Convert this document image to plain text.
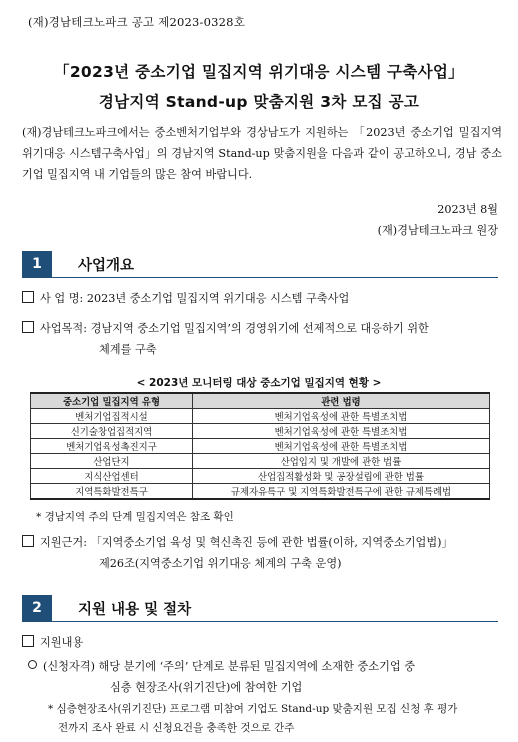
(재)경남테크노파크 공고 제2023-0328호
「2023년 중소기업 밀집지역 위기대응 시스템 구축사업」
경남지역 Stand-up 맞춤지원 3차 모집 공고

(재)경남테크노파크에서는 중소벤처기업부와 경상남도가 지원하는 「2023년 중소기업 밀집지역 위기대응 시스템구축사업」의 경남지역 Stand-up 맞춤지원을 다음과 같이 공고하오니, 경남 중소기업 밀집지역 내 기업들의 많은 참여 바랍니다.

2023년 8월
(재)경남테크노파크 원장
1	사업개요
사 업 명: 2023년 중소기업 밀집지역 위기대응 시스템 구축사업
사업목적: 경남지역 중소기업 밀집지역’의 경영위기에 선제적으로 대응하기 위한
체계를 구축
< 2023년 모니터링 대상 중소기업 밀집지역 현황 >
중소기업 밀집지역 유형	관련 법령
벤처기업집적시설	벤처기업육성에 관한 특별조치법
신기술창업집적지역	벤처기업육성에 관한 특별조치법
벤처기업육성촉진지구	벤처기업육성에 관한 특별조치법
산업단지	산업입지 및 개발에 관한 법률
지식산업센터	산업집적활성화 및 공장설립에 관한 법률
지역특화발전특구	규제자유특구 및 지역특화발전특구에 관한 규제특례법
* 경남지역 주의 단계 밀집지역은 참조 확인
지원근거: 「지역중소기업 육성 및 혁신촉진 등에 관한 법률(이하, 지역중소기업법)」
제26조(지역중소기업 위기대응 체계의 구축 운영)
2	지원 내용 및 절차
지원내용
(신청자격) 해당 분기에 ‘주의’ 단계로 분류된 밀집지역에 소재한 중소기업 중
심층 현장조사(위기진단)에 참여한 기업
* 심층현장조사(위기진단) 프로그램 미참여 기업도 Stand-up 맞춤지원 모집 신청 후 평가
전까지 조사 완료 시 신청요건을 충족한 것으로 간주
